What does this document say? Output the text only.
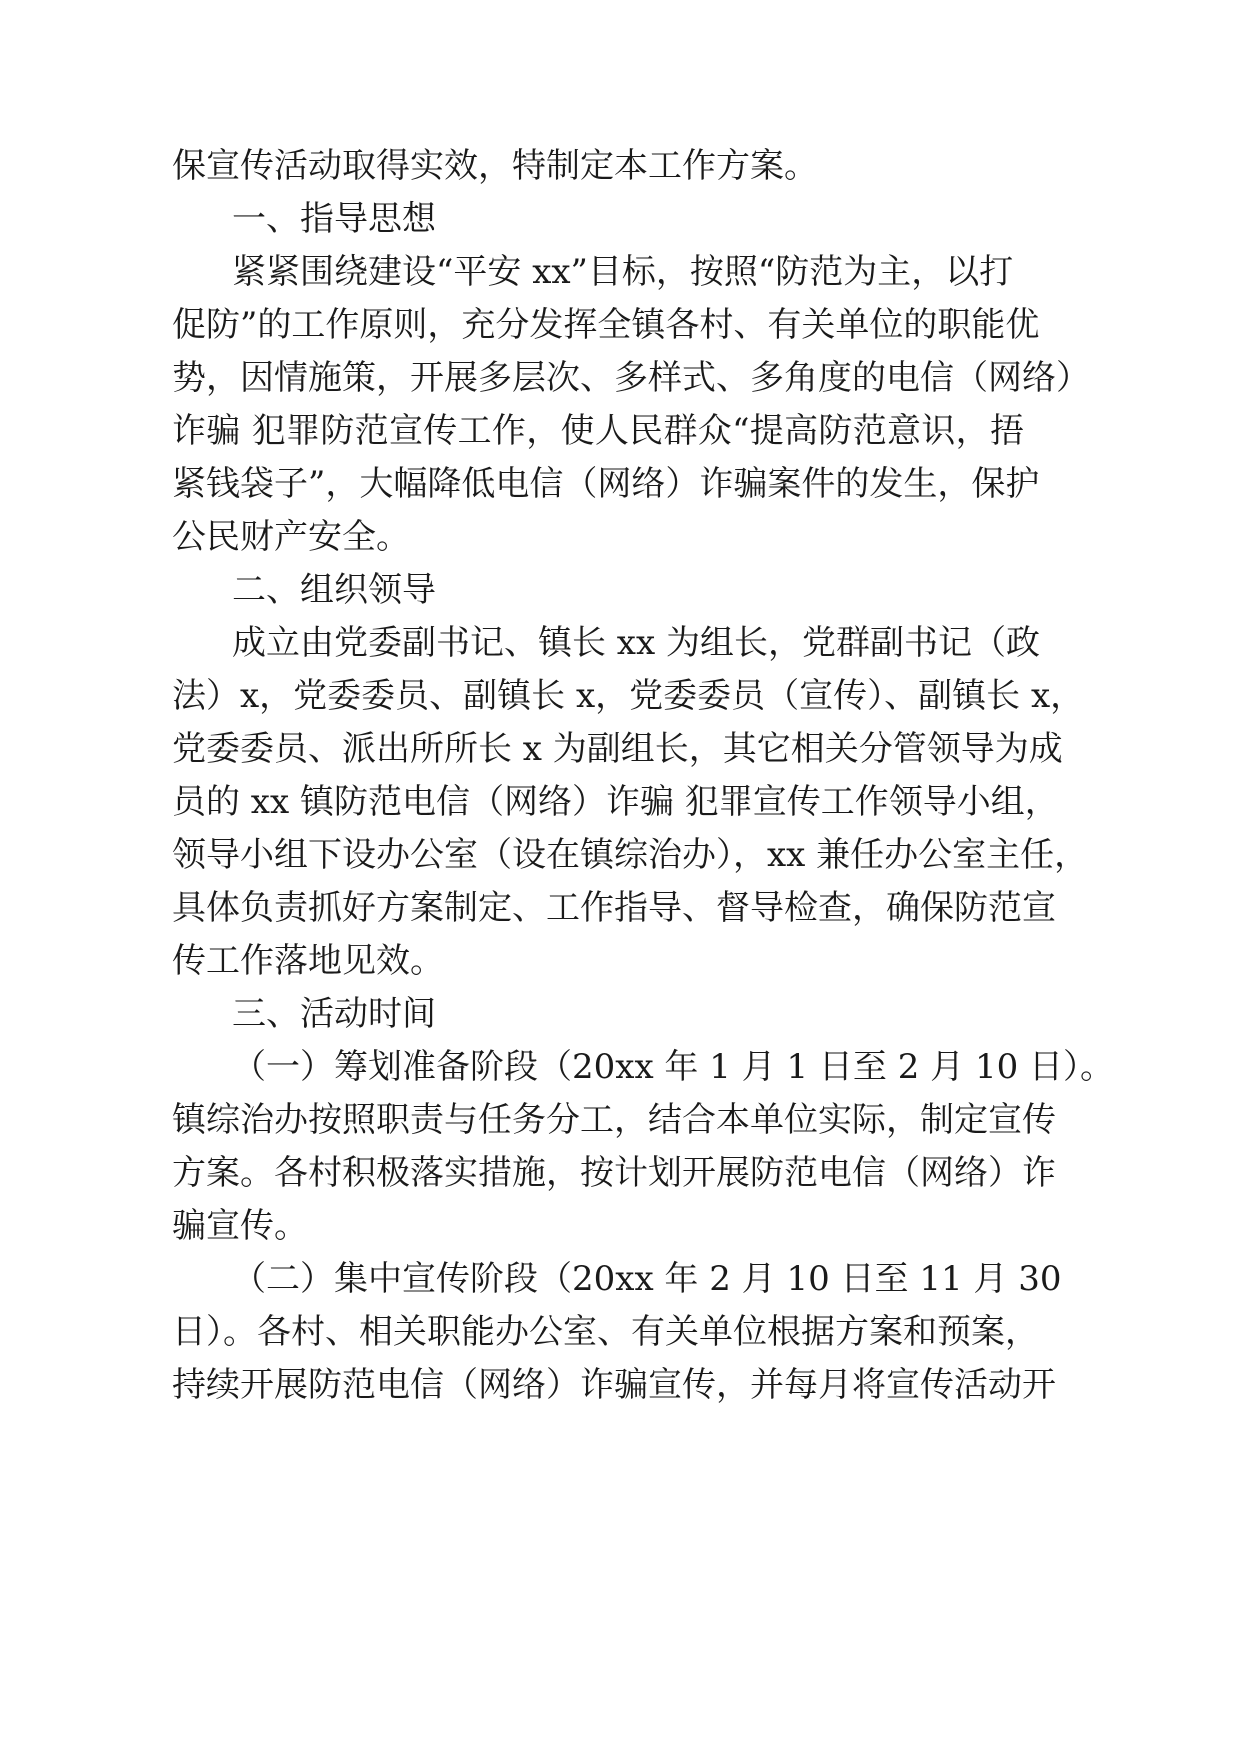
保宣传活动取得实效，特制定本工作方案。
一、指导思想
紧紧围绕建设“平安 xx”目标，按照“防范为主，以打
促防”的工作原则，充分发挥全镇各村、有关单位的职能优
势，因情施策，开展多层次、多样式、多角度的电信（网络）
诈骗 犯罪防范宣传工作，使人民群众“提高防范意识，捂
紧钱袋子”，大幅降低电信（网络）诈骗案件的发生，保护
公民财产安全。
二、组织领导
成立由党委副书记、镇长 xx 为组长，党群副书记（政
法）x，党委委员、副镇长 x，党委委员（宣传）、副镇长 x，
党委委员、派出所所长 x 为副组长，其它相关分管领导为成
员的 xx 镇防范电信（网络）诈骗 犯罪宣传工作领导小组，
领导小组下设办公室（设在镇综治办），xx 兼任办公室主任，
具体负责抓好方案制定、工作指导、督导检查，确保防范宣
传工作落地见效。
三、活动时间
（一）筹划准备阶段（20xx 年 1 月 1 日至 2 月 10 日）。
镇综治办按照职责与任务分工，结合本单位实际，制定宣传
方案。各村积极落实措施，按计划开展防范电信（网络）诈
骗宣传。
（二）集中宣传阶段（20xx 年 2 月 10 日至 11 月 30
日）。各村、相关职能办公室、有关单位根据方案和预案，
持续开展防范电信（网络）诈骗宣传，并每月将宣传活动开
